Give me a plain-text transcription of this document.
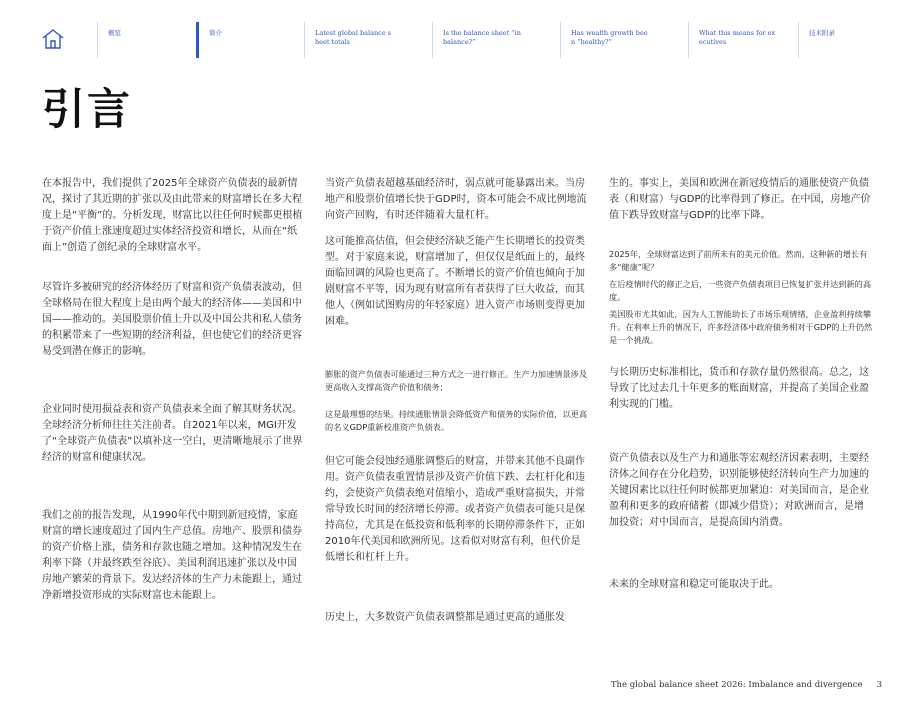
概览	简介	Latest global balance sheet totals
Is the balance sheet “in balance?”
Has wealth growth been “healthy?”
What this means for executives
技术附录
引言

在本报告中，我们提供了2025年全球资产负债表的最新情况，探讨了其近期的扩张以及由此带来的财富增长在多大程度上是“平衡”的。分析发现，财富比以往任何时候都更根植于资产价值上涨速度超过实体经济投资和增长，从而在“纸面上”创造了创纪录的全球财富水平。

尽管许多被研究的经济体经历了财富和资产负债表波动，但全球格局在很大程度上是由两个最大的经济体——美国和中国——推动的。美国股票价值上升以及中国公共和私人债务的积累带来了一些短期的经济利益，但也使它们的经济更容易受到潜在修正的影响。

企业同时使用损益表和资产负债表来全面了解其财务状况。全球经济分析师往往关注前者。自2021年以来，MGI开发了“全球资产负债表”以填补这一空白，更清晰地展示了世界经济的财富和健康状况。

我们之前的报告发现，从1990年代中期到新冠疫情，家庭财富的增长速度超过了国内生产总值。房地产、股票和债券的资产价格上涨，债务和存款也随之增加。这种情况发生在利率下降（并最终跌至谷底）、美国利润迅速扩张以及中国房地产繁荣的背景下。发达经济体的生产力未能跟上，通过净新增投资形成的实际财富也未能跟上。

当资产负债表超越基础经济时，弱点就可能暴露出来。当房地产和股票价值增长快于GDP时，资本可能会不成比例地流向资产回购，有时还伴随着大量杠杆。

这可能推高估值，但会使经济缺乏能产生长期增长的投资类型。对于家庭来说，财富增加了，但仅仅是纸面上的，最终面临回调的风险也更高了。不断增长的资产价值也倾向于加剧财富不平等，因为现有财富所有者获得了巨大收益，而其他人（例如试图购房的年轻家庭）进入资产市场则变得更加困难。

膨胀的资产负债表可能通过三种方式之一进行修正。生产力加速情景涉及更高收入支撑高资产价值和债务；

这是最理想的结果。持续通胀情景会降低资产和债务的实际价值，以更高的名义GDP重新校准资产负债表。

但它可能会侵蚀经通胀调整后的财富，并带来其他不良副作用。资产负债表重置情景涉及资产价值下跌、去杠杆化和违约，会使资产负债表绝对值缩小，造成严重财富损失，并常常导致长时间的经济增长停滞。或者资产负债表可能只是保持高位，尤其是在低投资和低利率的长期停滞条件下，正如2010年代美国和欧洲所见。这看似对财富有利，但代价是低增长和杠杆上升。

历史上，大多数资产负债表调整都是通过更高的通胀发

生的。事实上，美国和欧洲在新冠疫情后的通胀使资产负债表（和财富）与GDP的比率得到了修正。在中国，房地产价值下跌导致财富与GDP的比率下降。

2025年，全球财富达到了前所未有的美元价值。然而，这种新的增长有多“健康”呢？

在后疫情时代的修正之后，一些资产负债表项目已恢复扩张并达到新的高度。

美国股市尤其如此，因为人工智能助长了市场乐观情绪，企业盈利持续攀升。在利率上升的情况下，许多经济体中政府债务相对于GDP的上升仍然是一个挑战。

与长期历史标准相比，货币和存款存量仍然很高。总之，这导致了比过去几十年更多的账面财富，并提高了美国企业盈利实现的门槛。

资产负债表以及生产力和通胀等宏观经济因素表明，主要经济体之间存在分化趋势，识别能够使经济转向生产力加速的关键因素比以往任何时候都更加紧迫：对美国而言，是企业盈利和更多的政府储蓄（即减少借贷）；对欧洲而言，是增加投资；对中国而言，是提高国内消费。

未来的全球财富和稳定可能取决于此。

The global balance sheet 2026: Imbalance and divergence 3
